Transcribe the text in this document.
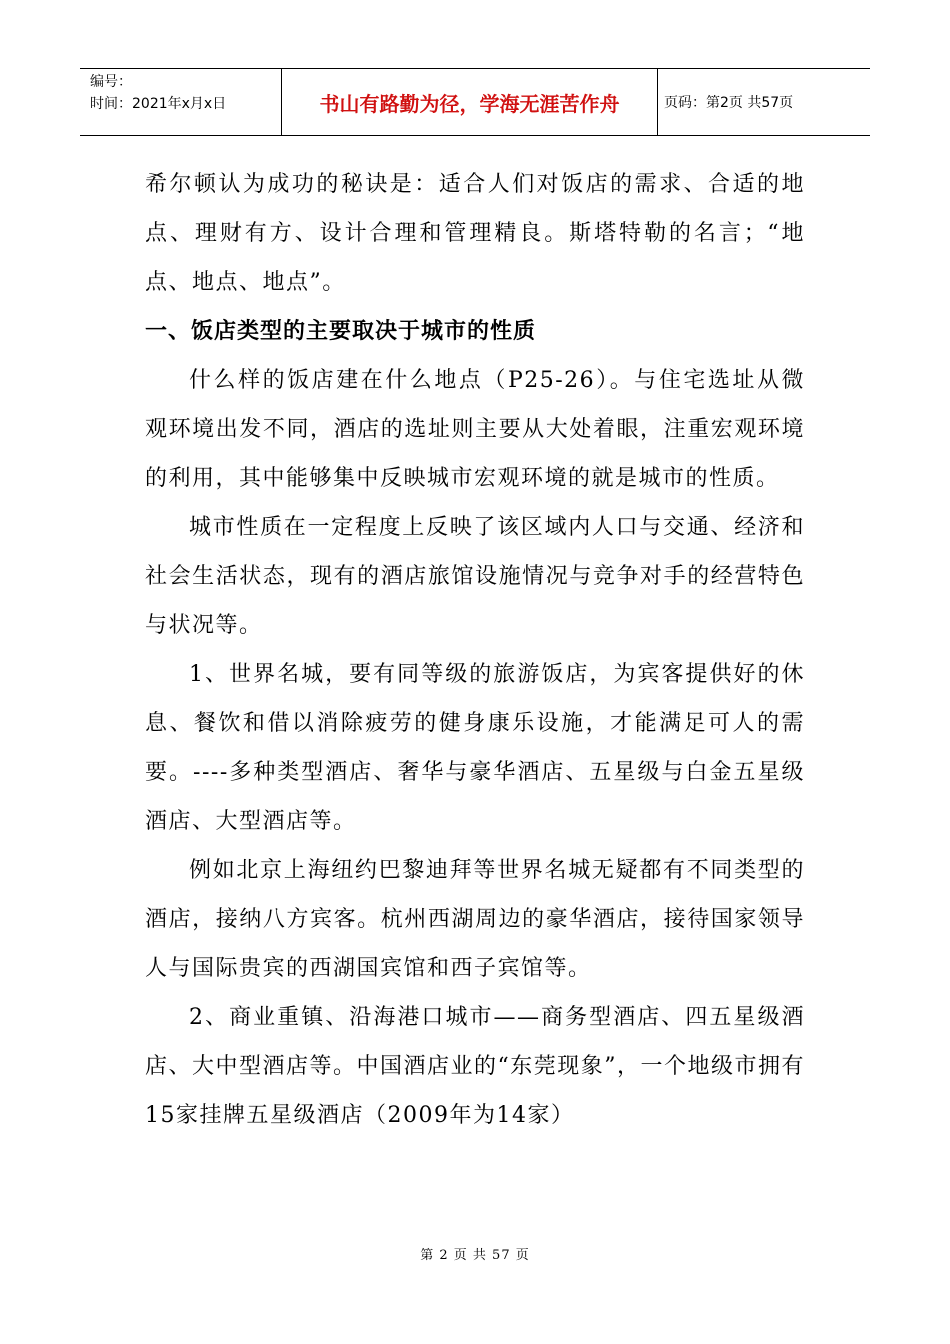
编号：
时间：2021年x月x日	书山有路勤为径，学海无涯苦作舟	页码：第2页 共57页

希尔顿认为成功的秘诀是：适合人们对饭店的需求、合适的地点、理财有方、设计合理和管理精良。斯塔特勒的名言；“地点、地点、地点”。

一、饭店类型的主要取决于城市的性质

什么样的饭店建在什么地点（P25-26）。与住宅选址从微观环境出发不同，酒店的选址则主要从大处着眼，注重宏观环境的利用，其中能够集中反映城市宏观环境的就是城市的性质。

城市性质在一定程度上反映了该区域内人口与交通、经济和社会生活状态，现有的酒店旅馆设施情况与竞争对手的经营特色与状况等。

1、世界名城，要有同等级的旅游饭店，为宾客提供好的休息、餐饮和借以消除疲劳的健身康乐设施，才能满足可人的需要。----多种类型酒店、奢华与豪华酒店、五星级与白金五星级酒店、大型酒店等。

例如北京上海纽约巴黎迪拜等世界名城无疑都有不同类型的酒店，接纳八方宾客。杭州西湖周边的豪华酒店，接待国家领导人与国际贵宾的西湖国宾馆和西子宾馆等。

2、商业重镇、沿海港口城市——商务型酒店、四五星级酒店、大中型酒店等。中国酒店业的“东莞现象”，一个地级市拥有15家挂牌五星级酒店（2009年为14家）

第 2 页 共 57 页
